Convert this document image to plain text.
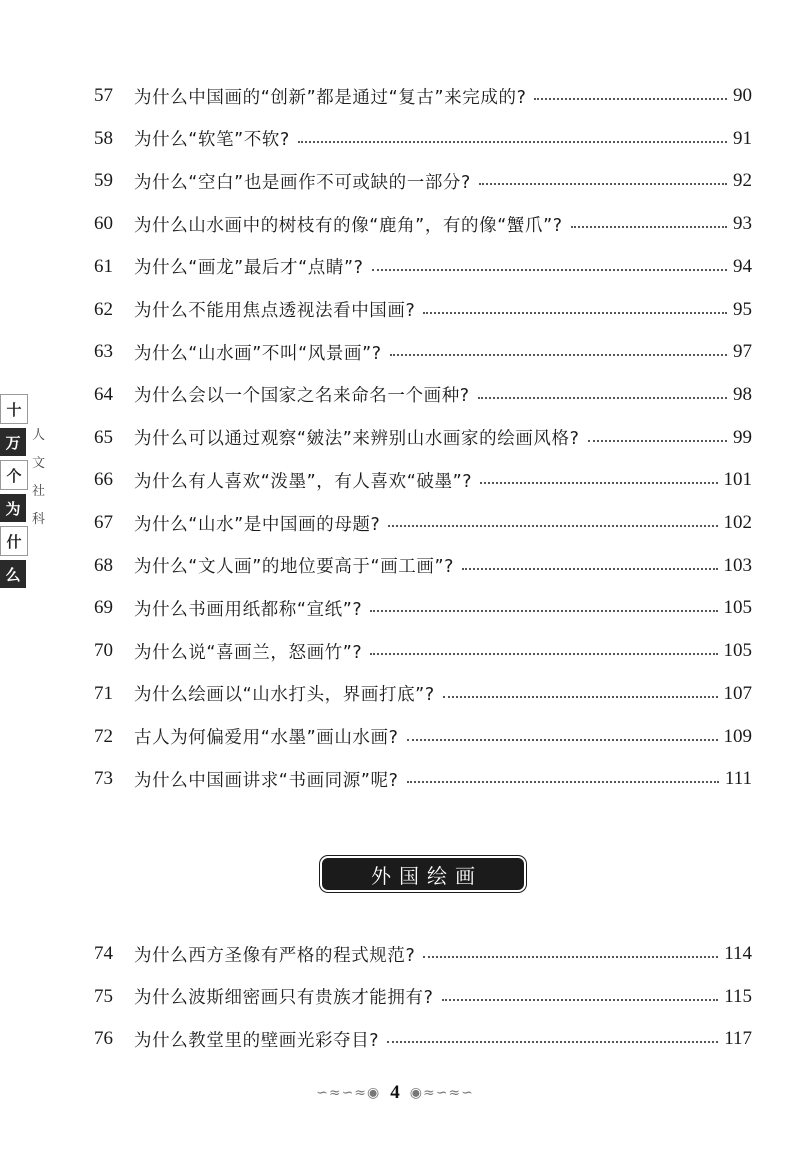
十
万
个
为
什
么
人
文
社
科
57	为什么中国画的“创新”都是通过“复古”来完成的?	90
58	为什么“软笔”不软?	91
59	为什么“空白”也是画作不可或缺的一部分?	92
60	为什么山水画中的树枝有的像“鹿角”，有的像“蟹爪”?	93
61	为什么“画龙”最后才“点睛”?	94
62	为什么不能用焦点透视法看中国画?	95
63	为什么“山水画”不叫“风景画”?	97
64	为什么会以一个国家之名来命名一个画种?	98
65	为什么可以通过观察“皴法”来辨别山水画家的绘画风格?	99
66	为什么有人喜欢“泼墨”，有人喜欢“破墨”?	101
67	为什么“山水”是中国画的母题?	102
68	为什么“文人画”的地位要高于“画工画”?	103
69	为什么书画用纸都称“宣纸”?	105
70	为什么说“喜画兰，怒画竹”?	105
71	为什么绘画以“山水打头，界画打底”?	107
72	古人为何偏爱用“水墨”画山水画?	109
73	为什么中国画讲求“书画同源”呢?	111
74	为什么西方圣像有严格的程式规范?	114
75	为什么波斯细密画只有贵族才能拥有?	115
76	为什么教堂里的壁画光彩夺目?	117
外国绘画
∽≈∽≈◉ 4 ◉≈∽≈∽
